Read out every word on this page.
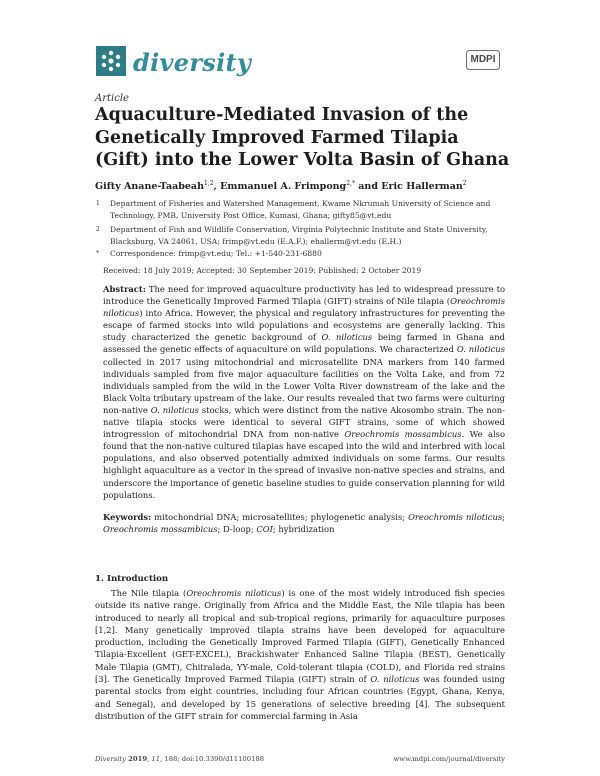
diversity	MDPI
Article
Aquaculture-Mediated Invasion of the Genetically Improved Farmed Tilapia (Gift) into the Lower Volta Basin of Ghana
Gifty Anane-Taabeah$^{1,2}$, Emmanuel A. Frimpong$^{2,*}$ and Eric Hallerman$^2$
1 Department of Fisheries and Watershed Management, Kwame Nkrumah University of Science and Technology, PMB, University Post Office, Kumasi, Ghana; gifty85@vt.edu
2 Department of Fish and Wildlife Conservation, Virginia Polytechnic Institute and State University, Blacksburg, VA 24061, USA; frimp@vt.edu (E.A.F.); ehallerm@vt.edu (E.H.)
* Correspondence: frimp@vt.edu; Tel.: +1-540-231-6880
Received: 18 July 2019; Accepted: 30 September 2019; Published: 2 October 2019
Abstract: The need for improved aquaculture productivity has led to widespread pressure to introduce the Genetically Improved Farmed Tilapia (GIFT) strains of Nile tilapia (Oreochromis niloticus) into Africa. However, the physical and regulatory infrastructures for preventing the escape of farmed stocks into wild populations and ecosystems are generally lacking. This study characterized the genetic background of O. niloticus being farmed in Ghana and assessed the genetic effects of aquaculture on wild populations. We characterized O. niloticus collected in 2017 using mitochondrial and microsatellite DNA markers from 140 farmed individuals sampled from five major aquaculture facilities on the Volta Lake, and from 72 individuals sampled from the wild in the Lower Volta River downstream of the lake and the Black Volta tributary upstream of the lake. Our results revealed that two farms were culturing non-native O. niloticus stocks, which were distinct from the native Akosombo strain. The non-native tilapia stocks were identical to several GIFT strains, some of which showed introgression of mitochondrial DNA from non-native Oreochromis mossambicus. We also found that the non-native cultured tilapias have escaped into the wild and interbred with local populations, and also observed potentially admixed individuals on some farms. Our results highlight aquaculture as a vector in the spread of invasive non-native species and strains, and underscore the importance of genetic baseline studies to guide conservation planning for wild populations.
Keywords: mitochondrial DNA; microsatellites; phylogenetic analysis; Oreochromis niloticus; Oreochromis mossambicus; D-loop; COI; hybridization
1. Introduction
The Nile tilapia (Oreochromis niloticus) is one of the most widely introduced fish species outside its native range. Originally from Africa and the Middle East, the Nile tilapia has been introduced to nearly all tropical and sub-tropical regions, primarily for aquaculture purposes [1,2]. Many genetically improved tilapia strains have been developed for aquaculture production, including the Genetically Improved Farmed Tilapia (GIFT), Genetically Enhanced Tilapia-Excellent (GET-EXCEL), Brackishwater Enhanced Saline Tilapia (BEST), Genetically Male Tilapia (GMT), Chitralada, YY-male, Cold-tolerant tilapia (COLD), and Florida red strains [3]. The Genetically Improved Farmed Tilapia (GIFT) strain of O. niloticus was founded using parental stocks from eight countries, including four African countries (Egypt, Ghana, Kenya, and Senegal), and developed by 15 generations of selective breeding [4]. The subsequent distribution of the GIFT strain for commercial farming in Asia
Diversity 2019, 11, 188; doi:10.3390/d11100188	www.mdpi.com/journal/diversity
